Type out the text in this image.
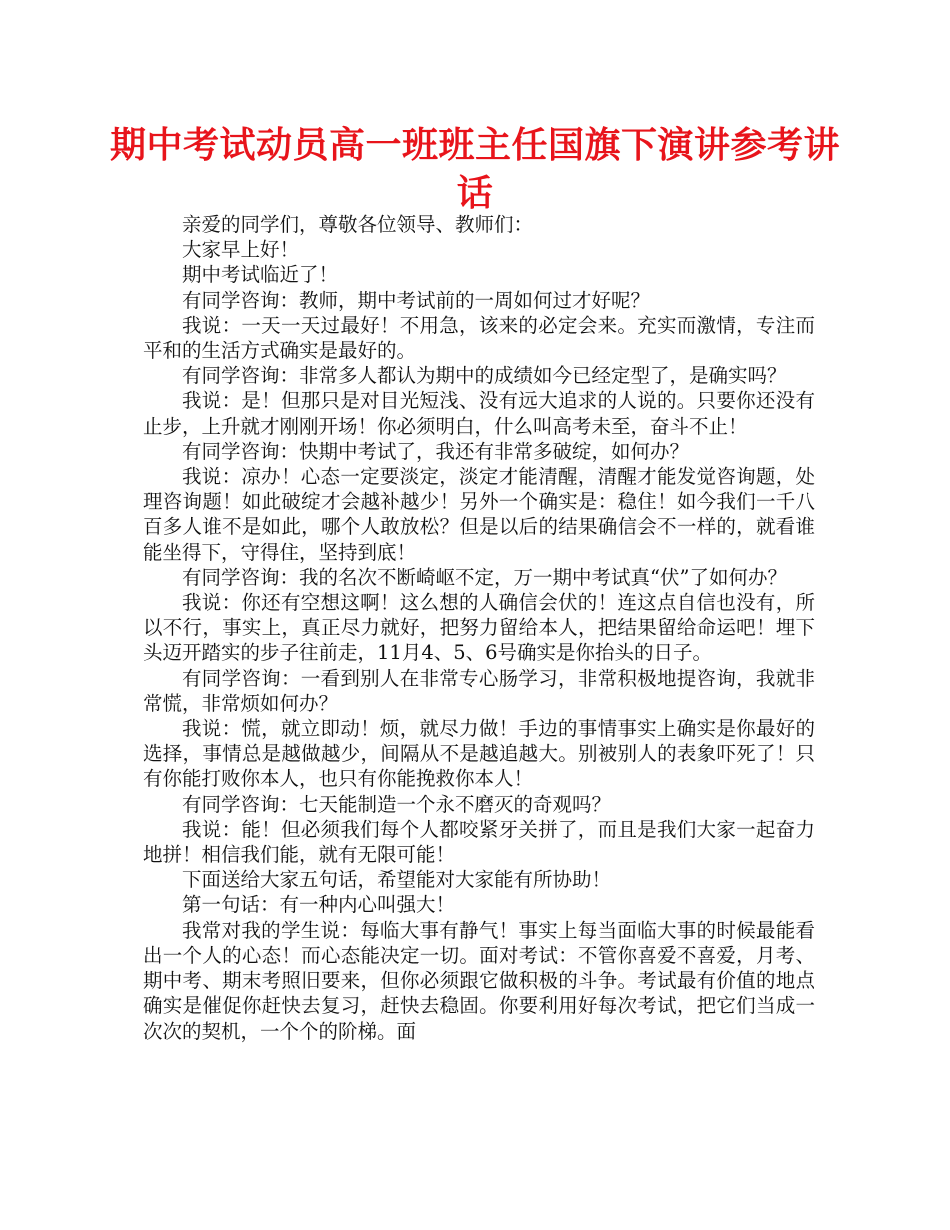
期中考试动员高一班班主任国旗下演讲参考讲话

亲爱的同学们，尊敬各位领导、教师们：

大家早上好！

期中考试临近了！

有同学咨询：教师，期中考试前的一周如何过才好呢？

我说：一天一天过最好！不用急，该来的必定会来。充实而激情，专注而平和的生活方式确实是最好的。

有同学咨询：非常多人都认为期中的成绩如今已经定型了，是确实吗？

我说：是！但那只是对目光短浅、没有远大追求的人说的。只要你还没有止步，上升就才刚刚开场！你必须明白，什么叫高考未至，奋斗不止！

有同学咨询：快期中考试了，我还有非常多破绽，如何办？

我说：凉办！心态一定要淡定，淡定才能清醒，清醒才能发觉咨询题，处理咨询题！如此破绽才会越补越少！另外一个确实是：稳住！如今我们一千八百多人谁不是如此，哪个人敢放松？但是以后的结果确信会不一样的，就看谁能坐得下，守得住，坚持到底！

有同学咨询：我的名次不断崎岖不定，万一期中考试真“伏”了如何办？

我说：你还有空想这啊！这么想的人确信会伏的！连这点自信也没有，所以不行，事实上，真正尽力就好，把努力留给本人，把结果留给命运吧！埋下头迈开踏实的步子往前走，11月4、5、6号确实是你抬头的日子。

有同学咨询：一看到别人在非常专心肠学习，非常积极地提咨询，我就非常慌，非常烦如何办？

我说：慌，就立即动！烦，就尽力做！手边的事情事实上确实是你最好的选择，事情总是越做越少，间隔从不是越追越大。别被别人的表象吓死了！只有你能打败你本人，也只有你能挽救你本人！

有同学咨询：七天能制造一个永不磨灭的奇观吗？

我说：能！但必须我们每个人都咬紧牙关拼了，而且是我们大家一起奋力地拼！相信我们能，就有无限可能！

下面送给大家五句话，希望能对大家能有所协助！

第一句话：有一种内心叫强大！

我常对我的学生说：每临大事有静气！事实上每当面临大事的时候最能看出一个人的心态！而心态能决定一切。面对考试：不管你喜爱不喜爱，月考、期中考、期末考照旧要来，但你必须跟它做积极的斗争。考试最有价值的地点确实是催促你赶快去复习，赶快去稳固。你要利用好每次考试，把它们当成一次次的契机，一个个的阶梯。面
